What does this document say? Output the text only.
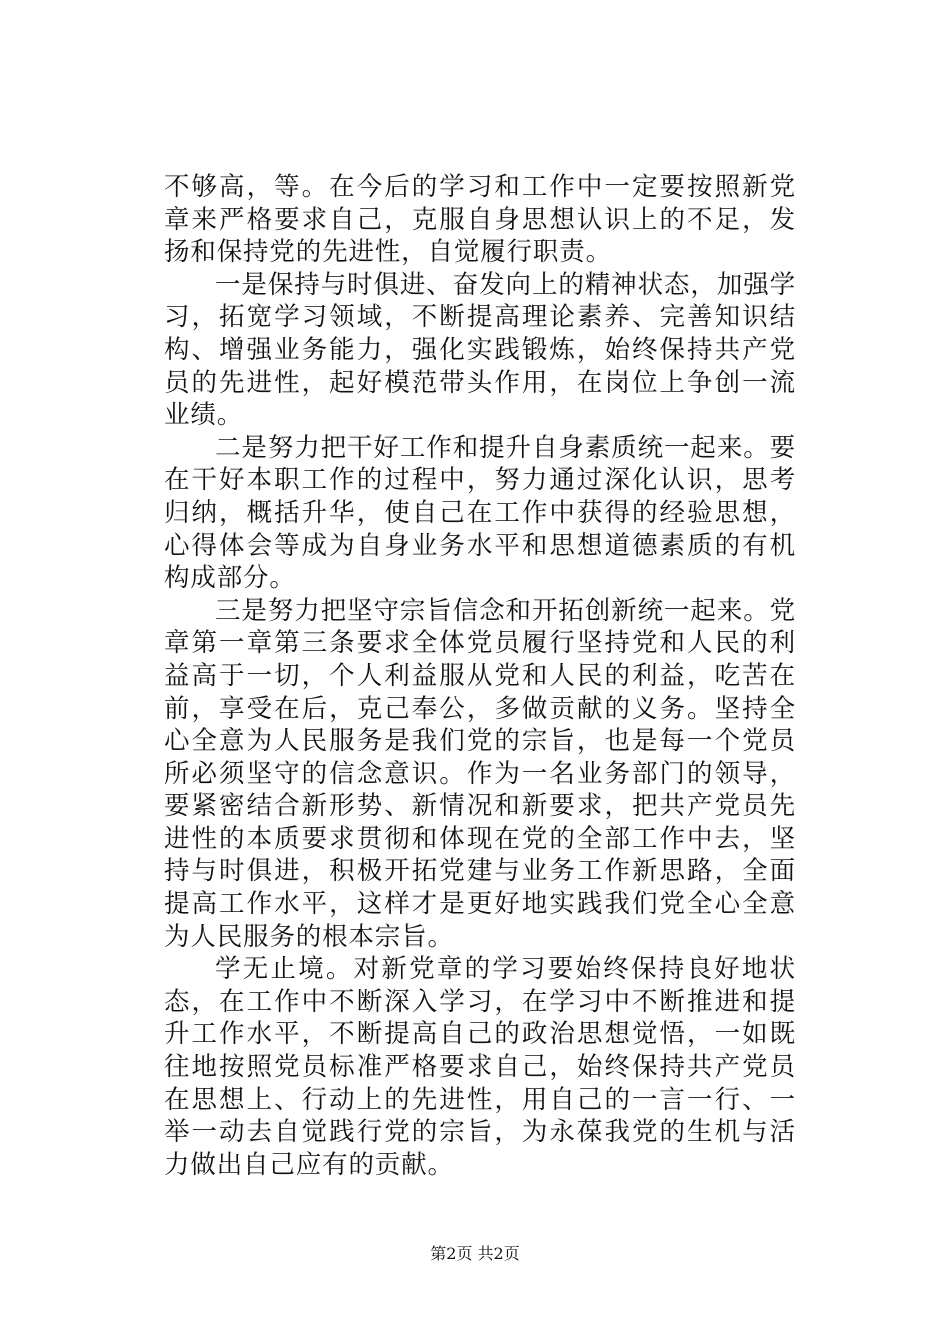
不够高，等。在今后的学习和工作中一定要按照新党章来严格要求自己，克服自身思想认识上的不足，发扬和保持党的先进性，自觉履行职责。

一是保持与时俱进、奋发向上的精神状态，加强学习，拓宽学习领域，不断提高理论素养、完善知识结构、增强业务能力，强化实践锻炼，始终保持共产党员的先进性，起好模范带头作用，在岗位上争创一流业绩。

二是努力把干好工作和提升自身素质统一起来。要在干好本职工作的过程中，努力通过深化认识，思考归纳，概括升华，使自己在工作中获得的经验思想，心得体会等成为自身业务水平和思想道德素质的有机构成部分。

三是努力把坚守宗旨信念和开拓创新统一起来。党章第一章第三条要求全体党员履行坚持党和人民的利益高于一切，个人利益服从党和人民的利益，吃苦在前，享受在后，克己奉公，多做贡献的义务。坚持全心全意为人民服务是我们党的宗旨，也是每一个党员所必须坚守的信念意识。作为一名业务部门的领导，要紧密结合新形势、新情况和新要求，把共产党员先进性的本质要求贯彻和体现在党的全部工作中去，坚持与时俱进，积极开拓党建与业务工作新思路，全面提高工作水平，这样才是更好地实践我们党全心全意为人民服务的根本宗旨。

学无止境。对新党章的学习要始终保持良好地状态，在工作中不断深入学习，在学习中不断推进和提升工作水平，不断提高自己的政治思想觉悟，一如既往地按照党员标准严格要求自己，始终保持共产党员在思想上、行动上的先进性，用自己的一言一行、一举一动去自觉践行党的宗旨，为永葆我党的生机与活力做出自己应有的贡献。

第2页 共2页
